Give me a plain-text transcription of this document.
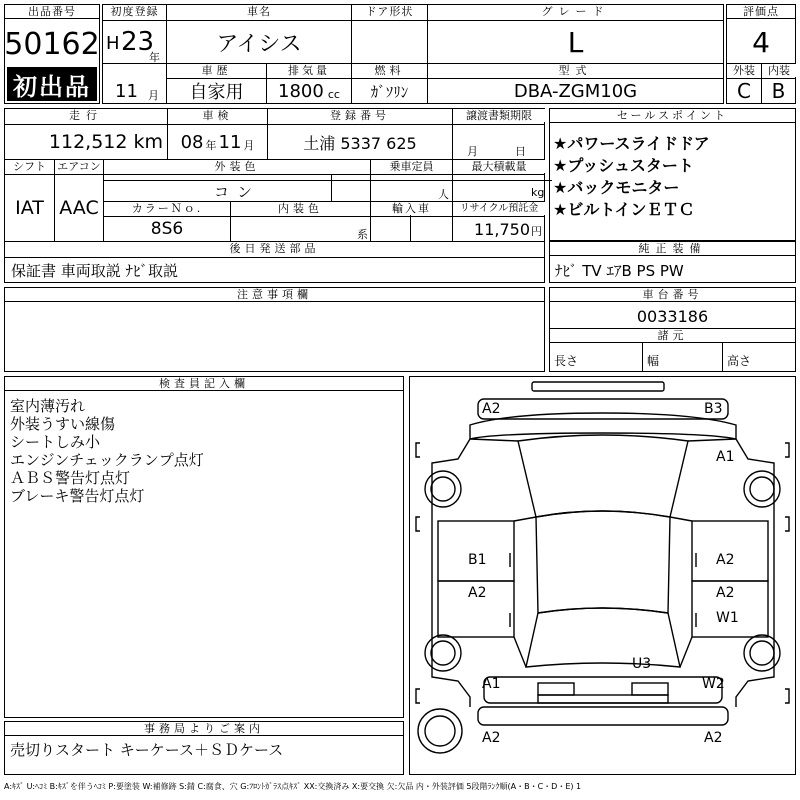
出品番号
50162
初出品
初度登録
H 23
年
11 月
車名
アイシス
ドア形状	グレード
L
車歴
自家用
排気量
1800 cc
燃料
ｶﾞｿﾘﾝ
型式
DBA-ZGM10G
評価点
4
外装	内装
C	B
走行
112,512 km
車検
08 年 11 月
登録番号
土浦 5337 625
譲渡書類期限
月	日
シフト	エアコン
IAT AAC
外装色
コン
乗車定員
人
最大積載量
kg
カラーＮｏ.
8S6
内装色
系
輸入車	リサイクル預託金
11,750 円
後日発送部品
保証書 車両取説 ﾅﾋﾞ取説
セールスポイント
★パワースライドドア
★プッシュスタート
★バックモニター
★ビルトインＥＴＣ
純正装備
ﾅﾋﾞ TV ｴｱB PS PW
注意事項欄	車台番号
0033186
諸元
長さ	幅	高さ
検査員記入欄
室内薄汚れ
外装うすい線傷
シートしみ小
エンジンチェックランプ点灯
ＡＢＳ警告灯点灯
ブレーキ警告灯点灯
事務局よりご案内
売切りスタート キーケース＋ＳＤケース
A2	B3
A1
B1	A2
A2	A2
W1
U3
A1	W2
A2	A2
A:ｷｽﾞ U:ﾍｺﾐ B:ｷｽﾞを伴うﾍｺﾐ P:要塗装 W:補修跡 S:錆 C:腐食、穴 G:ﾌﾛﾝﾄｶﾞﾗｽ点ｷｽﾞ XX:交換済み X:要交換 欠:欠品 内・外装評価 5段階ﾗﾝｸ順(A・B・C・D・E) 1
